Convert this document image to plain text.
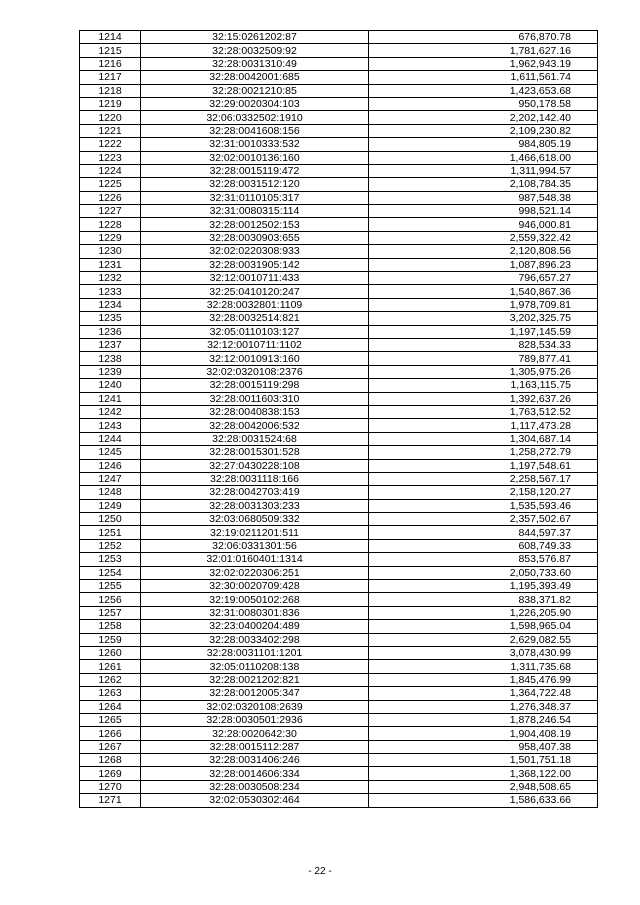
1214	32:15:0261202:87	676,870.78
1215	32:28:0032509:92	1,781,627.16
1216	32:28:0031310:49	1,962,943.19
1217	32:28:0042001:685	1,611,561.74
1218	32:28:0021210:85	1,423,653.68
1219	32:29:0020304:103	950,178.58
1220	32:06:0332502:1910	2,202,142.40
1221	32:28:0041608:156	2,109,230.82
1222	32:31:0010333:532	984,805.19
1223	32:02:0010136:160	1,466,618.00
1224	32:28:0015119:472	1,311,994.57
1225	32:28:0031512:120	2,108,784.35
1226	32:31:0110105:317	987,548.38
1227	32:31:0080315:114	998,521.14
1228	32:28:0012502:153	946,000.81
1229	32:28:0030903:655	2,559,322.42
1230	32:02:0220308:933	2,120,808.56
1231	32:28:0031905:142	1,087,896.23
1232	32:12:0010711:433	796,657.27
1233	32:25:0410120:247	1,540,867.36
1234	32:28:0032801:1109	1,978,709.81
1235	32:28:0032514:821	3,202,325.75
1236	32:05:0110103:127	1,197,145.59
1237	32:12:0010711:1102	828,534.33
1238	32:12:0010913:160	789,877.41
1239	32:02:0320108:2376	1,305,975.26
1240	32:28:0015119:298	1,163,115.75
1241	32:28:0011603:310	1,392,637.26
1242	32:28:0040838:153	1,763,512.52
1243	32:28:0042006:532	1,117,473.28
1244	32:28:0031524:68	1,304,687.14
1245	32:28:0015301:528	1,258,272.79
1246	32:27:0430228:108	1,197,548.61
1247	32:28:0031118:166	2,258,567.17
1248	32:28:0042703:419	2,158,120.27
1249	32:28:0031303:233	1,535,593.46
1250	32:03:0680509:332	2,357,502.67
1251	32:19:0211201:511	844,597.37
1252	32:06:0331301:56	608,749.33
1253	32:01:0160401:1314	853,576.87
1254	32:02:0220306:251	2,050,733.60
1255	32:30:0020709:428	1,195,393.49
1256	32:19:0050102:268	838,371.82
1257	32:31:0080301:836	1,226,205.90
1258	32:23:0400204:489	1,598,965.04
1259	32:28:0033402:298	2,629,082.55
1260	32:28:0031101:1201	3,078,430.99
1261	32:05:0110208:138	1,311,735.68
1262	32:28:0021202:821	1,845,476.99
1263	32:28:0012005:347	1,364,722.48
1264	32:02:0320108:2639	1,276,348.37
1265	32:28:0030501:2936	1,878,246.54
1266	32:28:0020642:30	1,904,408.19
1267	32:28:0015112:287	958,407.38
1268	32:28:0031406:246	1,501,751.18
1269	32:28:0014606:334	1,368,122.00
1270	32:28:0030508:234	2,948,508.65
1271	32:02:0530302:464	1,586,633.66
- 22 -
